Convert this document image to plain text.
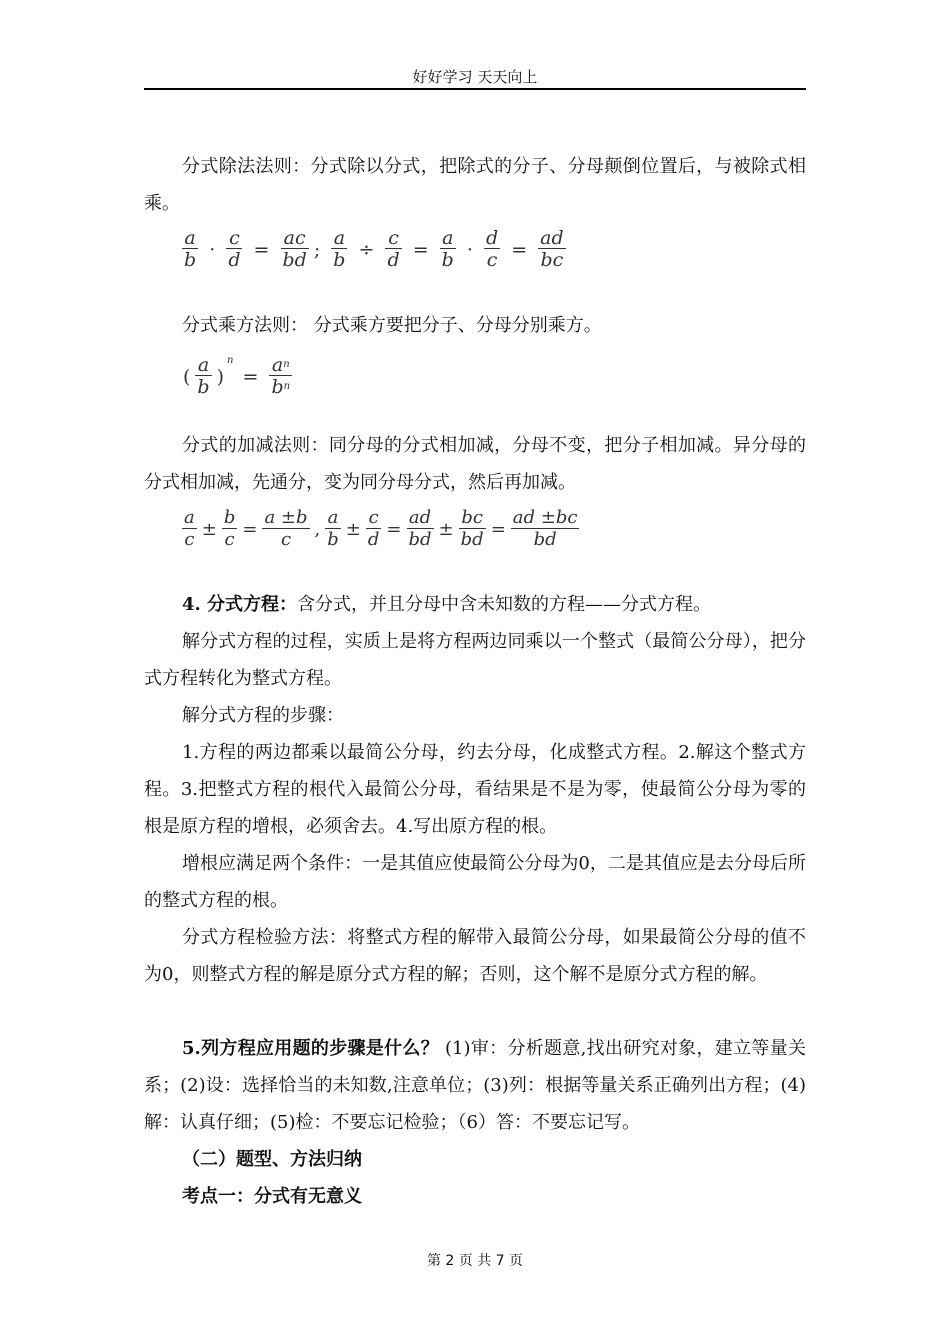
好好学习 天天向上

分式除法法则：分式除以分式，把除式的分子、分母颠倒位置后，与被除式相乘。

$\frac{a}{b} \cdot \frac{c}{d} = \frac{ac}{bd}$ ; $\frac{a}{b} \div \frac{c}{d} = \frac{a}{b} \cdot \frac{d}{c} = \frac{ad}{bc}$

分式乘方法则： 分式乘方要把分子、分母分别乘方。

( $\frac{a}{b} )^n = \frac{a^n}{b^n}$

分式的加减法则：同分母的分式相加减，分母不变，把分子相加减。异分母的分式相加减，先通分，变为同分母分式，然后再加减。

$\frac{a}{c} \pm \frac{b}{c} = \frac{a \pm b}{c}$ , $\frac{a}{b} \pm \frac{c}{d} = \frac{ad}{bd} \pm \frac{bc}{bd} = \frac{ad \pm bc}{bd}$

4. 分式方程：含分式，并且分母中含未知数的方程——分式方程。

解分式方程的过程，实质上是将方程两边同乘以一个整式（最简公分母），把分式方程转化为整式方程。

解分式方程的步骤：

1.方程的两边都乘以最简公分母，约去分母，化成整式方程。2.解这个整式方程。3.把整式方程的根代入最简公分母，看结果是不是为零，使最简公分母为零的根是原方程的增根，必须舍去。4.写出原方程的根。

增根应满足两个条件：一是其值应使最简公分母为0，二是其值应是去分母后所的整式方程的根。

分式方程检验方法：将整式方程的解带入最简公分母，如果最简公分母的值不为0，则整式方程的解是原分式方程的解；否则，这个解不是原分式方程的解。

5.列方程应用题的步骤是什么？ (1)审：分析题意,找出研究对象，建立等量关系；(2)设：选择恰当的未知数,注意单位；(3)列：根据等量关系正确列出方程；(4)解：认真仔细；(5)检：不要忘记检验；（6）答：不要忘记写。

（二）题型、方法归纳

考点一：分式有无意义

第 2 页 共 7 页
